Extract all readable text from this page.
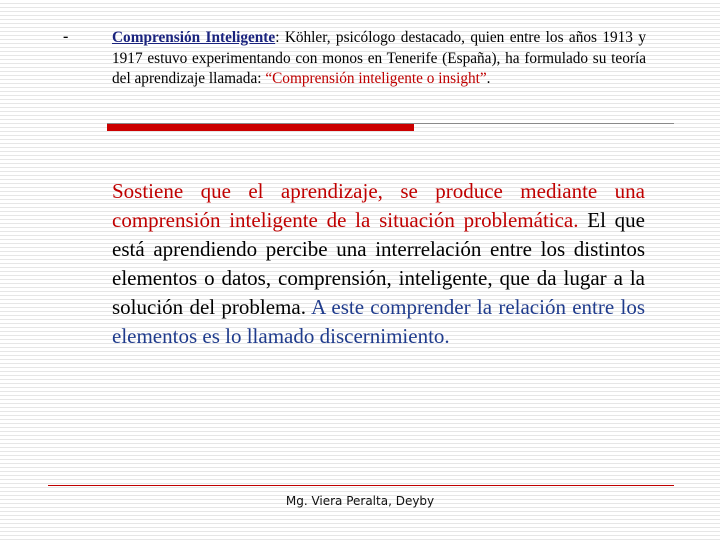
-	Comprensión Inteligente: Köhler, psicólogo destacado, quien entre los años 1913 y 1917 estuvo experimentando con monos en Tenerife (España), ha formulado su teoría del aprendizaje llamada: “Comprensión inteligente o insight”.

Sostiene que el aprendizaje, se produce mediante una comprensión inteligente de la situación problemática. El que está aprendiendo percibe una interrelación entre los distintos elementos o datos, comprensión, inteligente, que da lugar a la solución del problema. A este comprender la relación entre los elementos es lo llamado discernimiento.

Mg. Viera Peralta, Deyby
